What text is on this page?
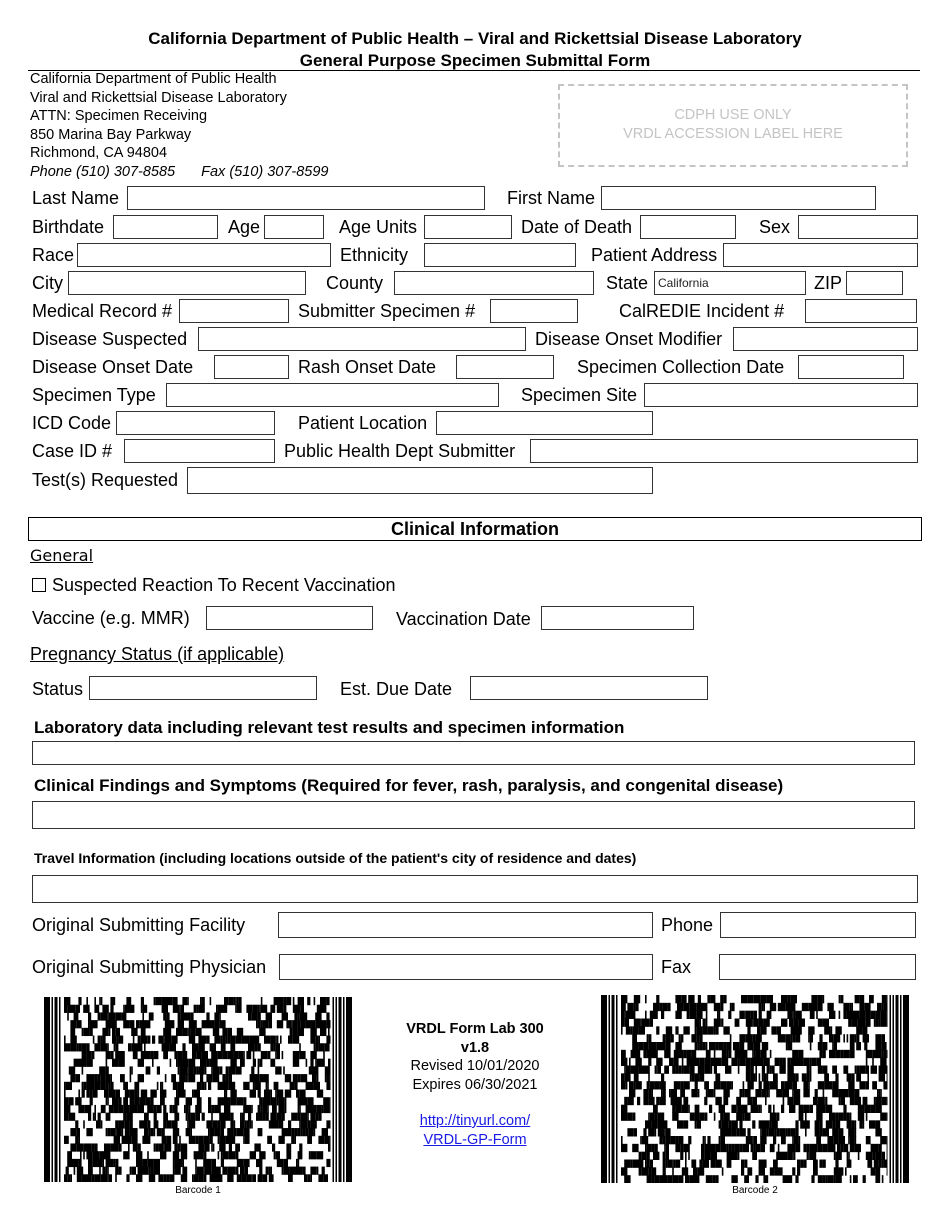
California Department of Public Health – Viral and Rickettsial Disease Laboratory
General Purpose Specimen Submittal Form
California Department of Public Health
Viral and Rickettsial Disease Laboratory
ATTN: Specimen Receiving
850 Marina Bay Parkway
Richmond, CA 94804
Phone (510) 307-8585 Fax (510) 307-8599
CDPH USE ONLY
VRDL ACCESSION LABEL HERE
Last Name	First Name
Birthdate	Age	Age Units	Date of Death	Sex
Race	Ethnicity	Patient Address
City	County	State California	ZIP
Medical Record #	Submitter Specimen #	CalREDIE Incident #
Disease Suspected	Disease Onset Modifier
Disease Onset Date	Rash Onset Date	Specimen Collection Date
Specimen Type	Specimen Site
ICD Code	Patient Location
Case ID #	Public Health Dept Submitter
Test(s) Requested
Clinical Information
General
Suspected Reaction To Recent Vaccination
Vaccine (e.g. MMR)	Vaccination Date
Pregnancy Status (if applicable)
Status	Est. Due Date
Laboratory data including relevant test results and specimen information
Clinical Findings and Symptoms (Required for fever, rash, paralysis, and congenital disease)
Travel Information (including locations outside of the patient's city of residence and dates)
Original Submitting Facility	Phone
Original Submitting Physician	Fax
Barcode 1	Barcode 2
VRDL Form Lab 300
v1.8
Revised 10/01/2020
Expires 06/30/2021
http://tinyurl.com/
VRDL-GP-Form
